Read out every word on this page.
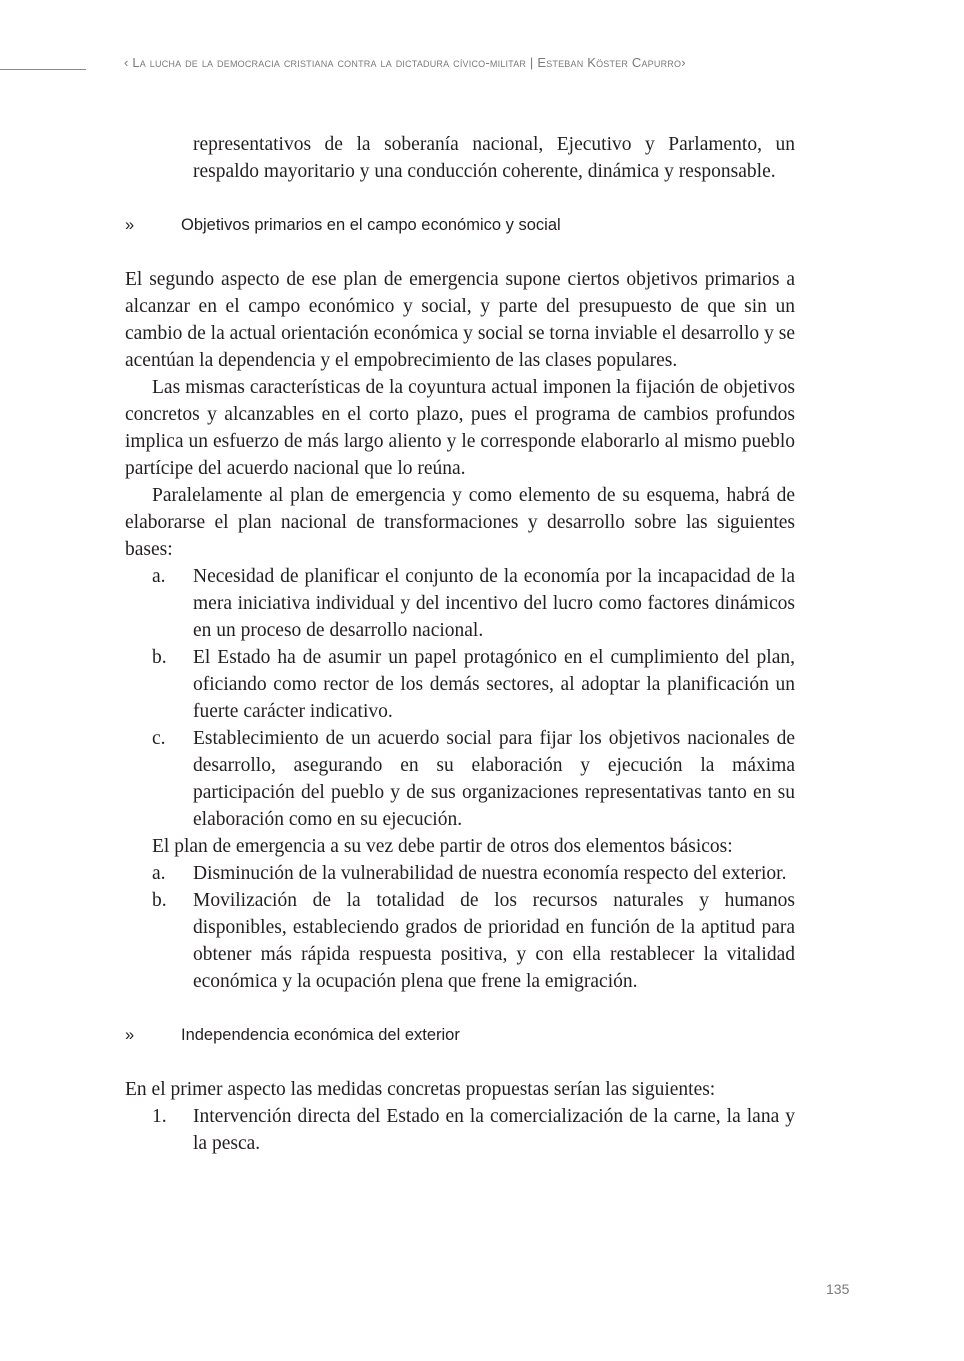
‹ La lucha de la democracia cristiana contra la dictadura cívico-militar | Esteban Köster Capurro›

representativos de la soberanía nacional, Ejecutivo y Parlamento, un respaldo mayoritario y una conducción coherente, dinámica y responsable.

»	Objetivos primarios en el campo económico y social

El segundo aspecto de ese plan de emergencia supone ciertos objetivos primarios a alcanzar en el campo económico y social, y parte del presupuesto de que sin un cambio de la actual orientación económica y social se torna inviable el desarrollo y se acentúan la dependencia y el empobrecimiento de las clases populares.

Las mismas características de la coyuntura actual imponen la fijación de objetivos concretos y alcanzables en el corto plazo, pues el programa de cambios profundos implica un esfuerzo de más largo aliento y le corresponde elaborarlo al mismo pueblo partícipe del acuerdo nacional que lo reúna.

Paralelamente al plan de emergencia y como elemento de su esquema, habrá de elaborarse el plan nacional de transformaciones y desarrollo sobre las siguientes bases:

a.	Necesidad de planificar el conjunto de la economía por la incapacidad de la mera iniciativa individual y del incentivo del lucro como factores dinámicos en un proceso de desarrollo nacional.
b.	El Estado ha de asumir un papel protagónico en el cumplimiento del plan, oficiando como rector de los demás sectores, al adoptar la planificación un fuerte carácter indicativo.
c.	Establecimiento de un acuerdo social para fijar los objetivos nacionales de desarrollo, asegurando en su elaboración y ejecución la máxima participación del pueblo y de sus organizaciones representativas tanto en su elaboración como en su ejecución.

El plan de emergencia a su vez debe partir de otros dos elementos básicos:

a.	Disminución de la vulnerabilidad de nuestra economía respecto del exterior.
b.	Movilización de la totalidad de los recursos naturales y humanos disponibles, estableciendo grados de prioridad en función de la aptitud para obtener más rápida respuesta positiva, y con ella restablecer la vitalidad económica y la ocupación plena que frene la emigración.
»	Independencia económica del exterior

En el primer aspecto las medidas concretas propuestas serían las siguientes:

1.	Intervención directa del Estado en la comercialización de la carne, la lana y la pesca.
135
